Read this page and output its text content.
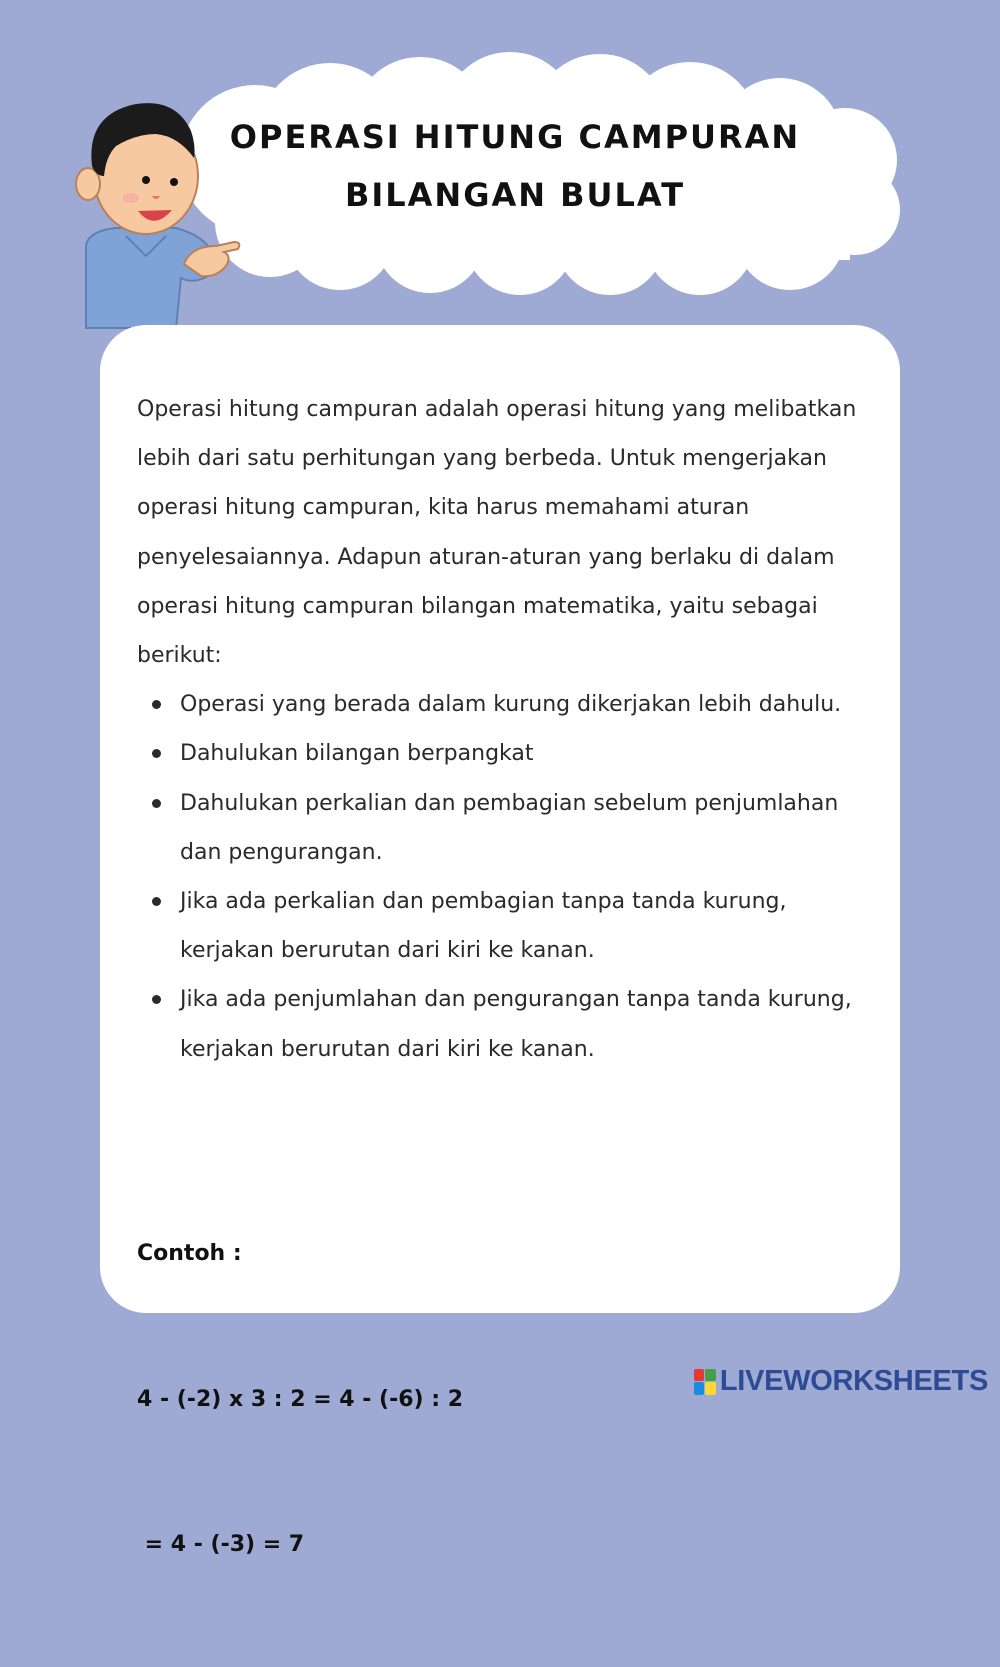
OPERASI HITUNG CAMPURAN
BILANGAN BULAT

Operasi hitung campuran adalah operasi hitung yang melibatkan lebih dari satu perhitungan yang berbeda. Untuk mengerjakan operasi hitung campuran, kita harus memahami aturan penyelesaiannya. Adapun aturan-aturan yang berlaku di dalam operasi hitung campuran bilangan matematika, yaitu sebagai berikut:

Operasi yang berada dalam kurung dikerjakan lebih dahulu.
Dahulukan bilangan berpangkat
Dahulukan perkalian dan pembagian sebelum penjumlahan dan pengurangan.
Jika ada perkalian dan pembagian tanpa tanda kurung, kerjakan berurutan dari kiri ke kanan.
Jika ada penjumlahan dan pengurangan tanpa tanda kurung, kerjakan berurutan dari kiri ke kanan.

Contoh :

4 - (-2) x 3 : 2 = 4 - (-6) : 2

= 4 - (-3) = 7

LIVEWORKSHEETS
